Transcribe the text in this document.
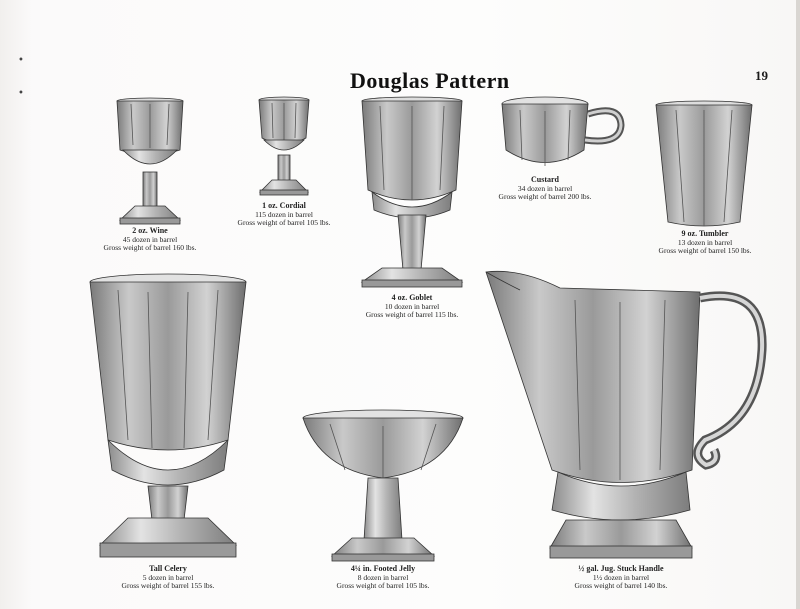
•
•
Douglas Pattern	19
2 oz. Wine
45 dozen in barrel
Gross weight of barrel 160 lbs.
1 oz. Cordial
115 dozen in barrel
Gross weight of barrel 105 lbs.
4 oz. Goblet
10 dozen in barrel
Gross weight of barrel 115 lbs.
Custard
34 dozen in barrel
Gross weight of barrel 200 lbs.
9 oz. Tumbler
13 dozen in barrel
Gross weight of barrel 150 lbs.
Tall Celery
5 dozen in barrel
Gross weight of barrel 155 lbs.
4¼ in. Footed Jelly
8 dozen in barrel
Gross weight of barrel 105 lbs.
½ gal. Jug. Stuck Handle
1½ dozen in barrel
Gross weight of barrel 140 lbs.
